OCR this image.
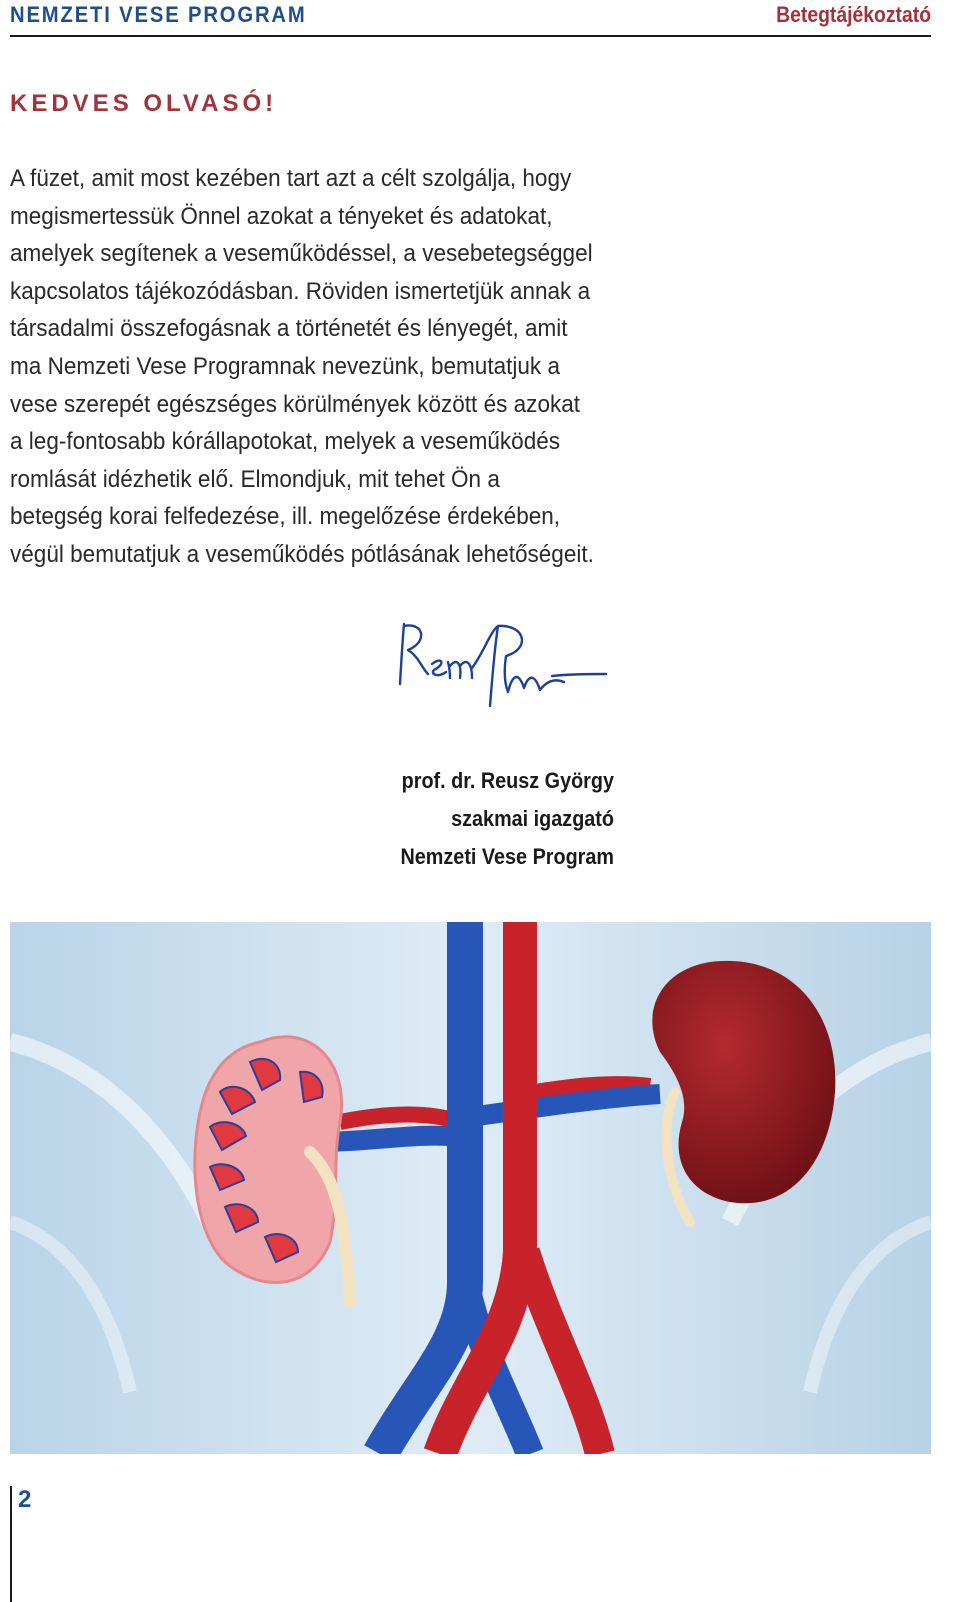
NEMZETI VESE PROGRAM	Betegtájékoztató
KEDVES OLVASÓ!

A füzet, amit most kezében tart azt a célt szolgálja, hogy megismertessük Önnel azokat a tényeket és adatokat, amelyek segítenek a veseműködéssel, a vesebetegséggel kapcsolatos tájékozódásban. Röviden ismertetjük annak a társadalmi összefogásnak a történetét és lényegét, amit ma Nemzeti Vese Programnak nevezünk, bemutatjuk a vese szerepét egészséges körülmények között és azokat a leg-fontosabb kórállapotokat, melyek a veseműködés romlását idézhetik elő. Elmondjuk, mit tehet Ön a betegség korai felfedezése, ill. megelőzése érdekében, végül bemutatjuk a veseműködés pótlásának lehetőségeit.

prof. dr. Reusz György
szakmai igazgató
Nemzeti Vese Program
2
